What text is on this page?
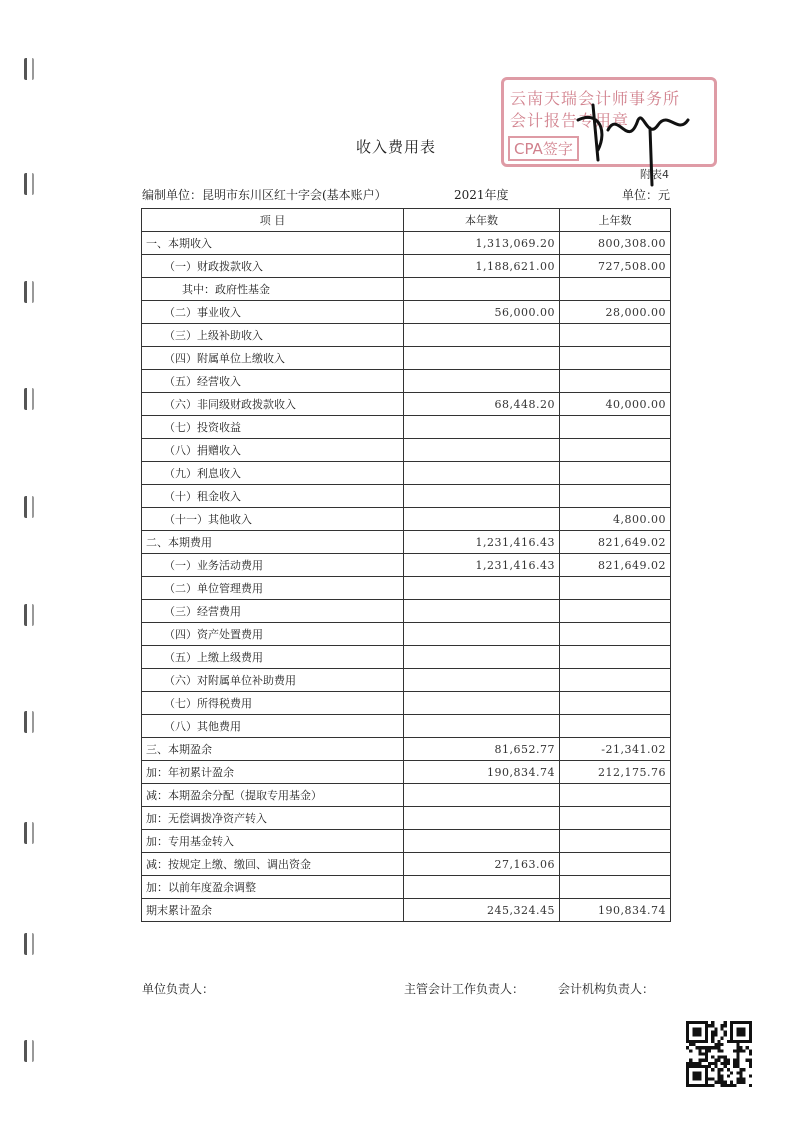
云南天瑞会计师事务所
会计报告专用章
CPA签字
收入费用表
附表4
编制单位：昆明市东川区红十字会(基本账户）	2021年度	单位：元
项 目	本年数	上年数
一、本期收入	1,313,069.20	800,308.00
（一）财政拨款收入	1,188,621.00	727,508.00
其中：政府性基金		
（二）事业收入	56,000.00	28,000.00
（三）上级补助收入		
（四）附属单位上缴收入		
（五）经营收入		
（六）非同级财政拨款收入	68,448.20	40,000.00
（七）投资收益		
（八）捐赠收入		
（九）利息收入		
（十）租金收入		
（十一）其他收入		4,800.00
二、本期费用	1,231,416.43	821,649.02
（一）业务活动费用	1,231,416.43	821,649.02
（二）单位管理费用		
（三）经营费用		
（四）资产处置费用		
（五）上缴上级费用		
（六）对附属单位补助费用		
（七）所得税费用		
（八）其他费用		
三、本期盈余	81,652.77	-21,341.02
加：年初累计盈余	190,834.74	212,175.76
减：本期盈余分配（提取专用基金）		
加：无偿调拨净资产转入		
加：专用基金转入		
减：按规定上缴、缴回、调出资金	27,163.06	
加：以前年度盈余调整		
期末累计盈余	245,324.45	190,834.74
单位负责人：	主管会计工作负责人：	会计机构负责人：
